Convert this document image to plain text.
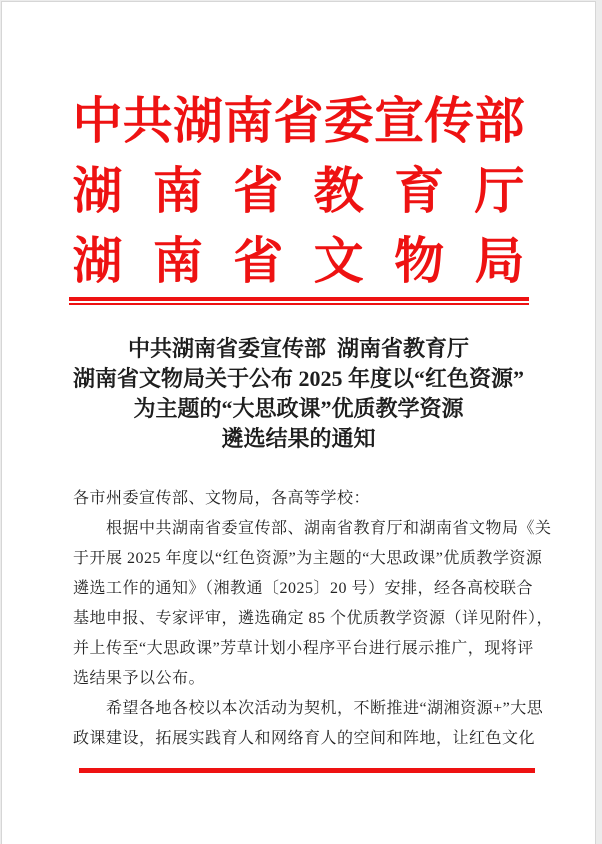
中 共 湖 南 省 委 宣 传 部
湖 南 省 教 育 厅
湖 南 省 文 物 局
中共湖南省委宣传部  湖南省教育厅
湖南省文物局关于公布 2025 年度以“红色资源”
为主题的“大思政课”优质教学资源
遴选结果的通知
各市州委宣传部、文物局，各高等学校：
根据中共湖南省委宣传部、湖南省教育厅和湖南省文物局《关
于开展 2025 年度以“红色资源”为主题的“大思政课”优质教学资源
遴选工作的通知》（湘教通〔2025〕20 号）安排，经各高校联合
基地申报、专家评审，遴选确定 85 个优质教学资源（详见附件），
并上传至“大思政课”芳草计划小程序平台进行展示推广，现将评
选结果予以公布。
希望各地各校以本次活动为契机，不断推进“湖湘资源+”大思
政课建设，拓展实践育人和网络育人的空间和阵地，让红色文化
